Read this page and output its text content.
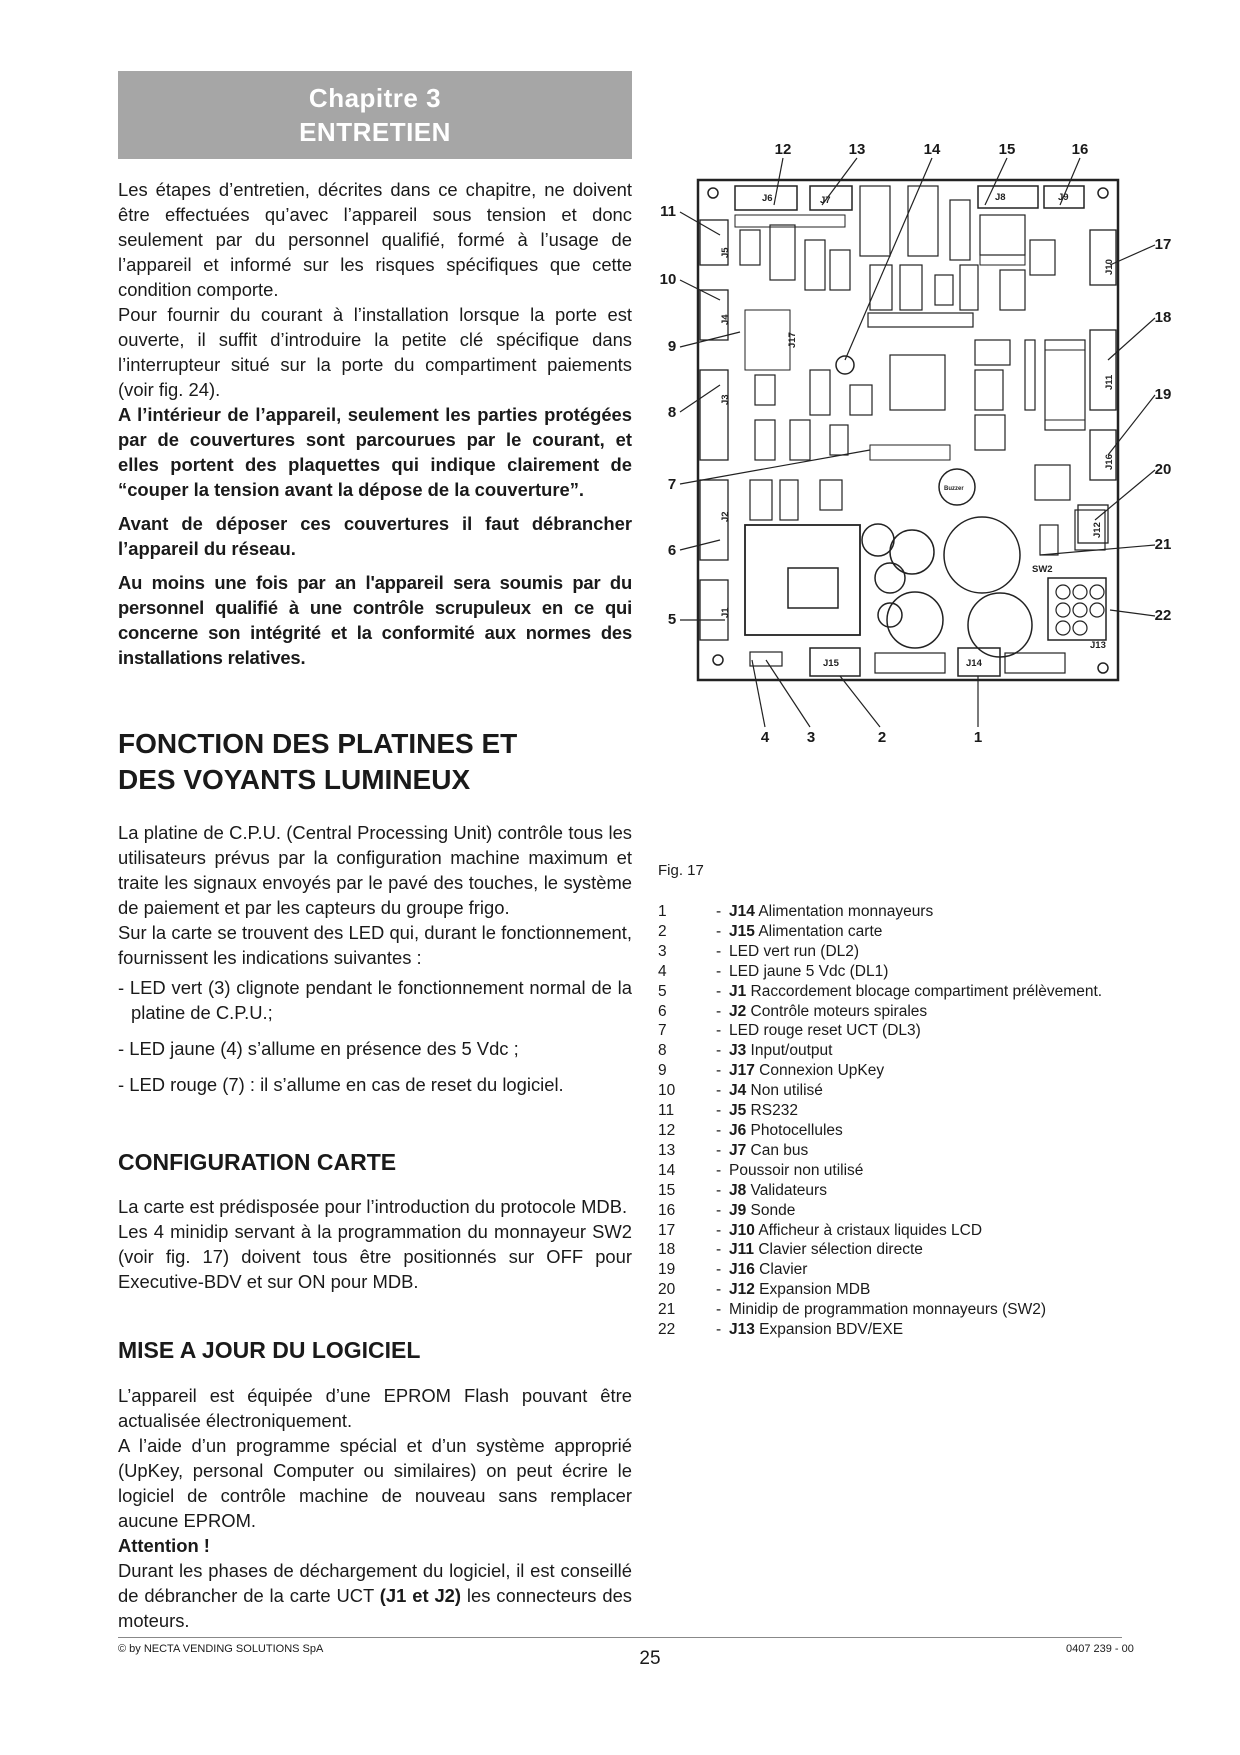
Chapitre 3
ENTRETIEN

Les étapes d’entretien, décrites dans ce chapitre, ne doivent être effectuées qu’avec l’appareil sous tension et donc seulement par du personnel qualifié, formé à l’usage de l’appareil et informé sur les risques spécifiques que cette condition comporte.

Pour fournir du courant à l’installation lorsque la porte est ouverte, il suffit d’introduire la petite clé spécifique dans l’interrupteur situé sur la porte du compartiment paiements (voir fig. 24).

A l’intérieur de l’appareil, seulement les parties protégées par de couvertures sont parcourues par le courant, et elles portent des plaquettes qui indique clairement de “couper la tension avant la dépose de la couverture”.

Avant de déposer ces couvertures il faut débrancher l’appareil du réseau.

Au moins une fois par an l'appareil sera soumis par du personnel qualifié à une contrôle scrupuleux en ce qui concerne son intégrité et la conformité aux normes des installations relatives.

FONCTION DES PLATINES ET
DES VOYANTS LUMINEUX

La platine de C.P.U. (Central Processing Unit) contrôle tous les utilisateurs prévus par la configuration machine maximum et traite les signaux envoyés par le pavé des touches, le système de paiement et par les capteurs du groupe frigo.

Sur la carte se trouvent des LED qui, durant le fonctionnement, fournissent les indications suivantes :

- LED vert (3) clignote pendant le fonctionnement normal de la platine de C.P.U.;

- LED jaune (4) s’allume en présence des 5 Vdc ;

- LED rouge (7) : il s’allume en cas de reset du logiciel.

CONFIGURATION CARTE

La carte est prédisposée pour l’introduction du protocole MDB.

Les 4 minidip servant à la programmation du monnayeur SW2 (voir fig. 17) doivent tous être positionnés sur OFF pour Executive-BDV et sur ON pour MDB.

MISE A JOUR DU LOGICIEL

L’appareil est équipée d’une EPROM Flash pouvant être actualisée électroniquement.

A l’aide d’un programme spécial et d’un système approprié (UpKey, personal Computer ou similaires) on peut écrire le logiciel de contrôle machine de nouveau sans remplacer aucune EPROM.

Attention !

Durant les phases de déchargement du logiciel, il est conseillé de débrancher de la carte UCT (J1 et J2) les connecteurs des moteurs.

J6	J7	J8	J9
J5
J4
J17
J3
J2
J1
J10
J11
J16
J12
SW2
J13
J15	J14
Buzzer
12	13	14	15	16
11
10
9
8
7
6
5
17
18
19
20
21
22
4	3	2	1
Fig. 17
1	- J14 Alimentation monnayeurs
2	- J15 Alimentation carte
3	- LED vert run (DL2)
4	- LED jaune 5 Vdc (DL1)
5	- J1 Raccordement blocage compartiment prélèvement.
6	- J2 Contrôle moteurs spirales
7	- LED rouge reset UCT (DL3)
8	- J3 Input/output
9	- J17 Connexion UpKey
10	- J4 Non utilisé
11	- J5 RS232
12	- J6 Photocellules
13	- J7 Can bus
14	- Poussoir non utilisé
15	- J8 Validateurs
16	- J9 Sonde
17	- J10 Afficheur à cristaux liquides LCD
18	- J11 Clavier sélection directe
19	- J16 Clavier
20	- J12 Expansion MDB
21	- Minidip de programmation monnayeurs (SW2)
22	- J13 Expansion BDV/EXE
© by NECTA VENDING SOLUTIONS SpA	25	0407 239 - 00
